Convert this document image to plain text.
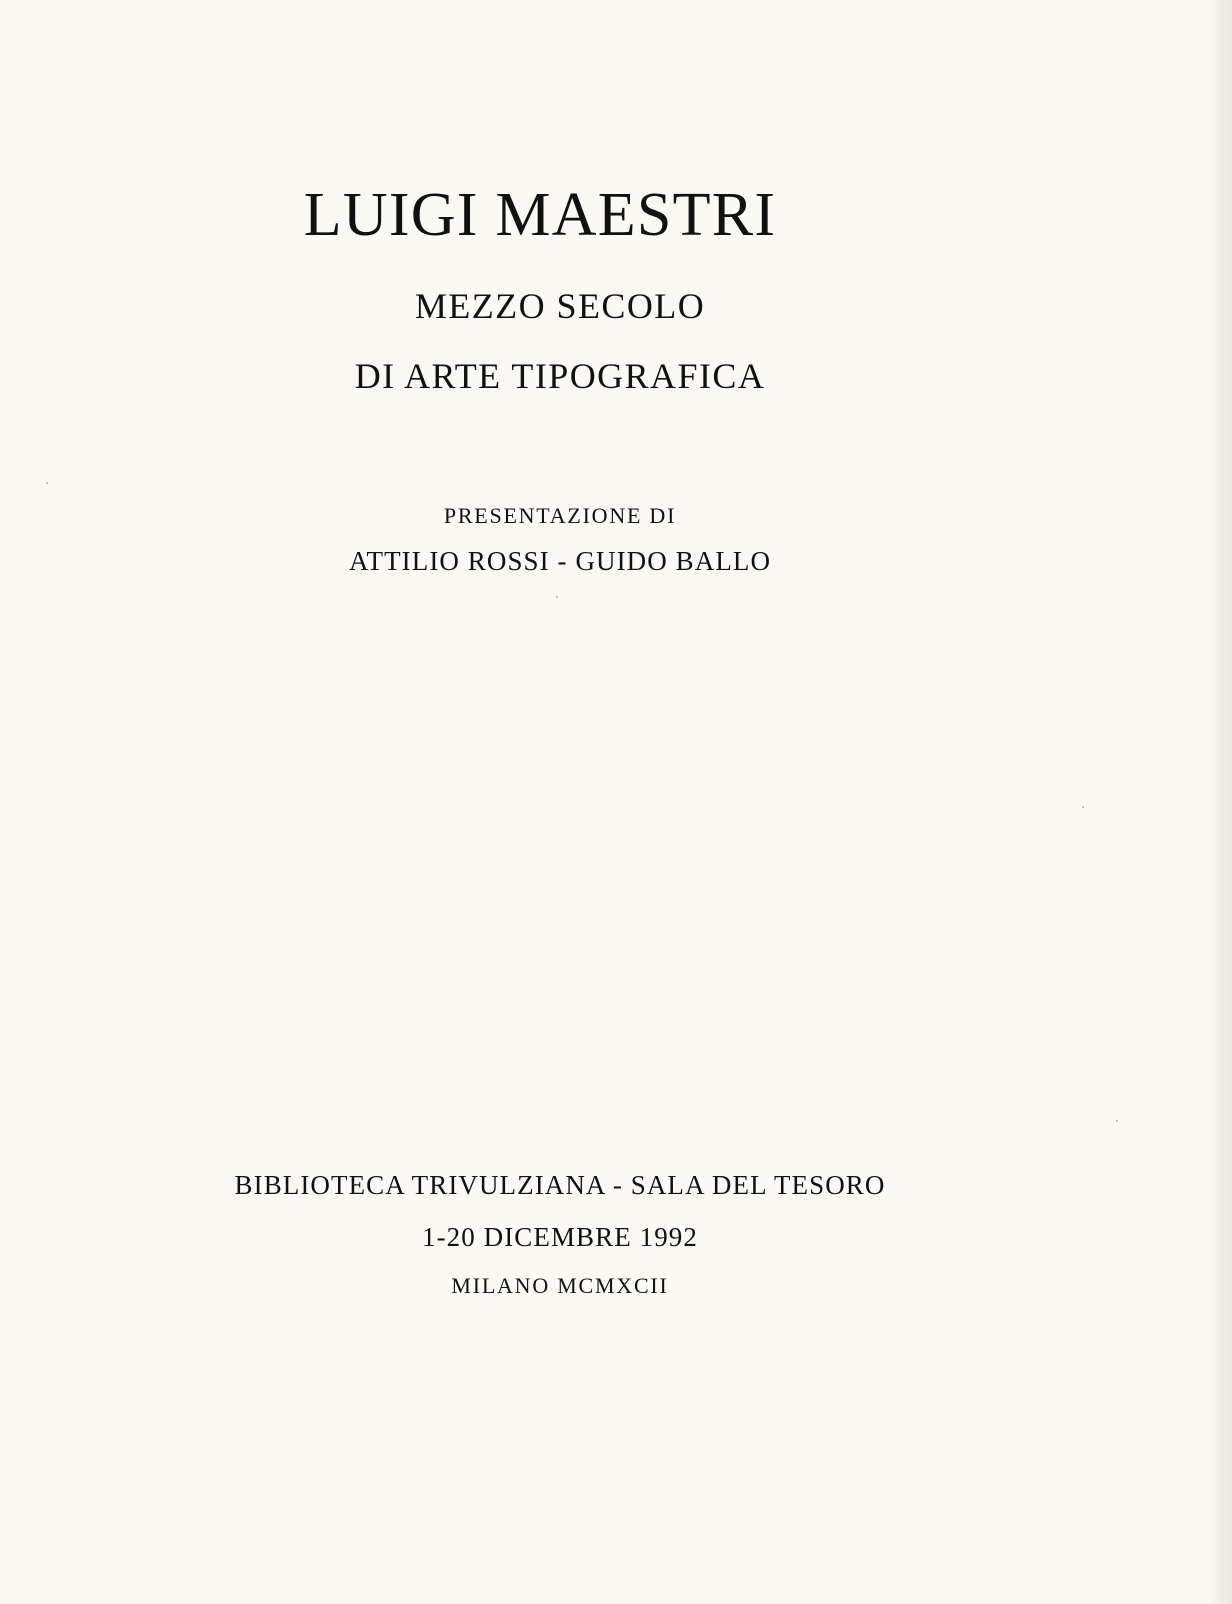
LUIGI MAESTRI
MEZZO SECOLO
DI ARTE TIPOGRAFICA
PRESENTAZIONE DI
ATTILIO ROSSI - GUIDO BALLO
BIBLIOTECA TRIVULZIANA - SALA DEL TESORO
1-20 DICEMBRE 1992
MILANO MCMXCII
